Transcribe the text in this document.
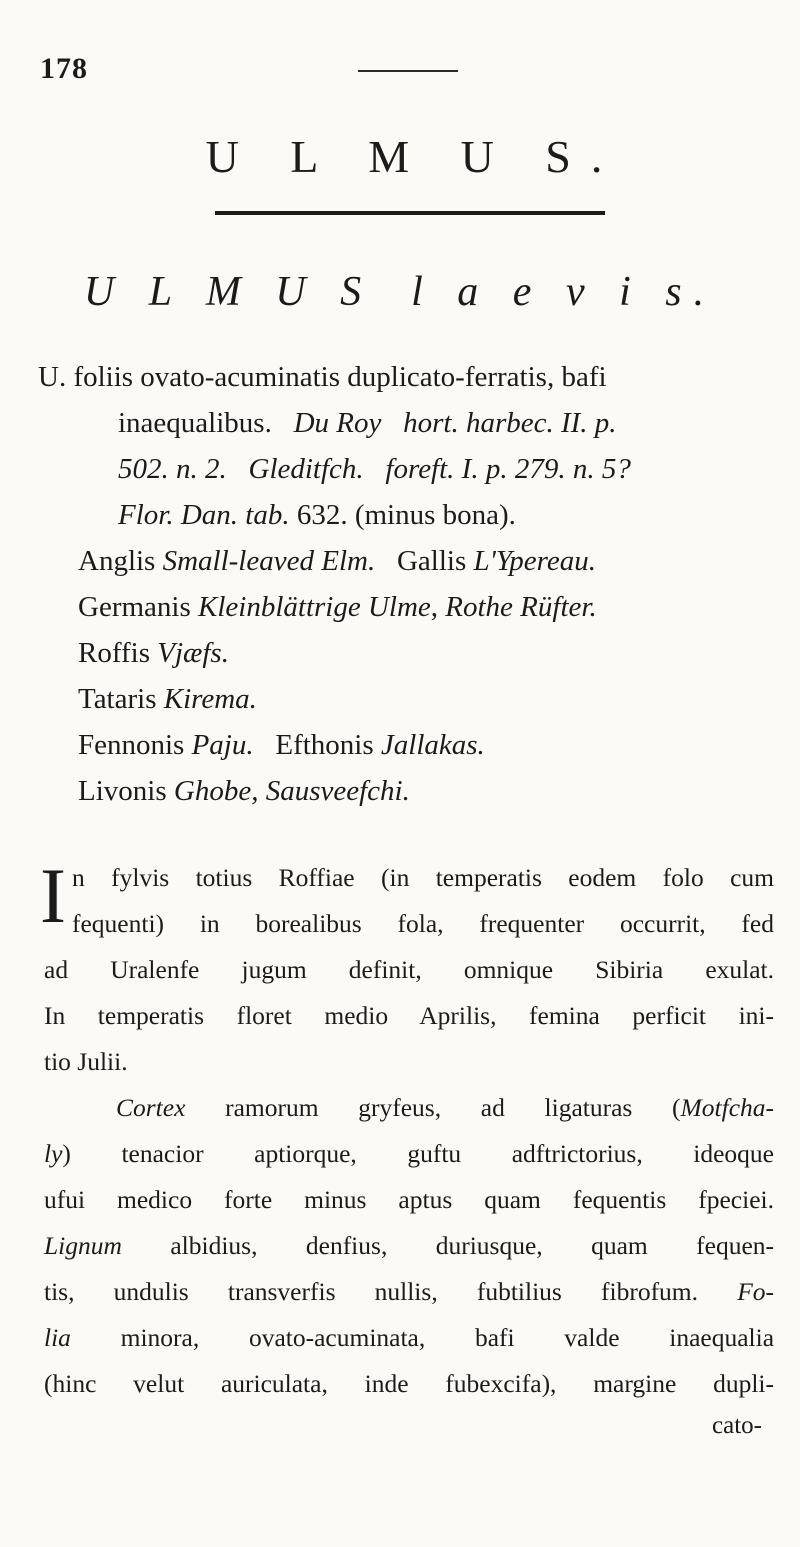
178
U L M U S.
U L M U S l a e v i s.
U. foliis ovato-acuminatis duplicato-ferratis, bafi
inaequalibus. Du Roy hort. harbec. II. p.
502. n. 2. Gleditfch. foreft. I. p. 279. n. 5?
Flor. Dan. tab. 632. (minus bona).
Anglis Small-leaved Elm. Gallis L'Ypereau.
Germanis Kleinblättrige Ulme, Rothe Rüfter.
Roffis Vjæfs.
Tataris Kirema.
Fennonis Paju. Efthonis Jallakas.
Livonis Ghobe, Sausveefchi.
I n fylvis totius Roffiae (in temperatis eodem folo cum
fequenti) in borealibus fola, frequenter occurrit, fed
ad Uralenfe jugum definit, omnique Sibiria exulat.
In temperatis floret medio Aprilis, femina perficit ini-
tio Julii.
Cortex ramorum gryfeus, ad ligaturas (Motfcha-
ly) tenacior aptiorque, guftu adftrictorius, ideoque
ufui medico forte minus aptus quam fequentis fpeciei.
Lignum albidius, denfius, duriusque, quam fequen-
tis, undulis transverfis nullis, fubtilius fibrofum. Fo-
lia minora, ovato-acuminata, bafi valde inaequalia
(hinc velut auriculata, inde fubexcifa), margine dupli-
cato-
